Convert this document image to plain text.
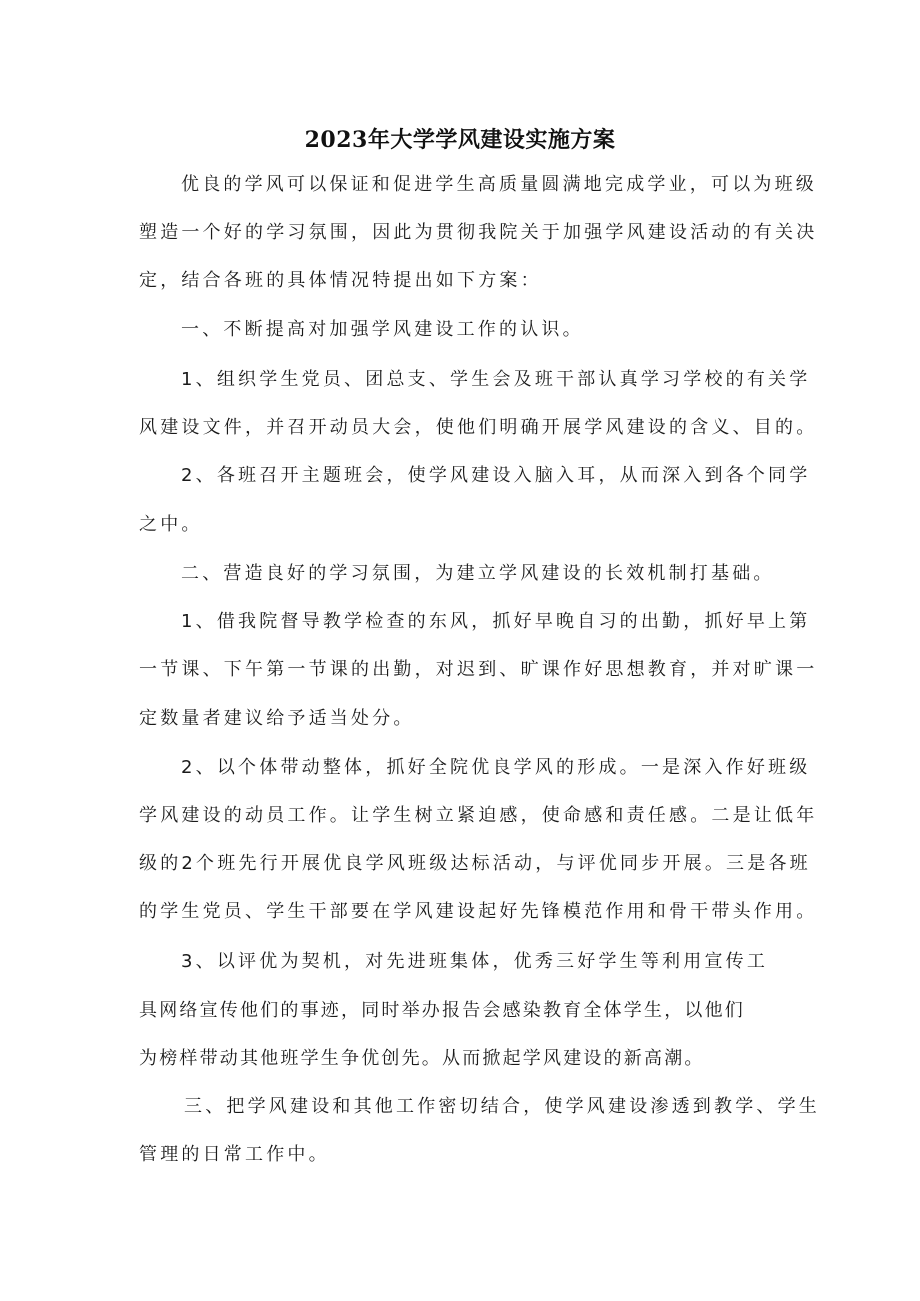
2023年大学学风建设实施方案
优良的学风可以保证和促进学生高质量圆满地完成学业，可以为班级
塑造一个好的学习氛围，因此为贯彻我院关于加强学风建设活动的有关决
定，结合各班的具体情况特提出如下方案：
一、不断提高对加强学风建设工作的认识。
1、组织学生党员、团总支、学生会及班干部认真学习学校的有关学
风建设文件，并召开动员大会，使他们明确开展学风建设的含义、目的。
2、各班召开主题班会，使学风建设入脑入耳，从而深入到各个同学
之中。
二、营造良好的学习氛围，为建立学风建设的长效机制打基础。
1、借我院督导教学检查的东风，抓好早晚自习的出勤，抓好早上第
一节课、下午第一节课的出勤，对迟到、旷课作好思想教育，并对旷课一
定数量者建议给予适当处分。
2、以个体带动整体，抓好全院优良学风的形成。一是深入作好班级
学风建设的动员工作。让学生树立紧迫感，使命感和责任感。二是让低年
级的2个班先行开展优良学风班级达标活动，与评优同步开展。三是各班
的学生党员、学生干部要在学风建设起好先锋模范作用和骨干带头作用。
3、以评优为契机，对先进班集体，优秀三好学生等利用宣传工
具网络宣传他们的事迹，同时举办报告会感染教育全体学生，以他们
为榜样带动其他班学生争优创先。从而掀起学风建设的新高潮。
三、把学风建设和其他工作密切结合，使学风建设渗透到教学、学生
管理的日常工作中。
